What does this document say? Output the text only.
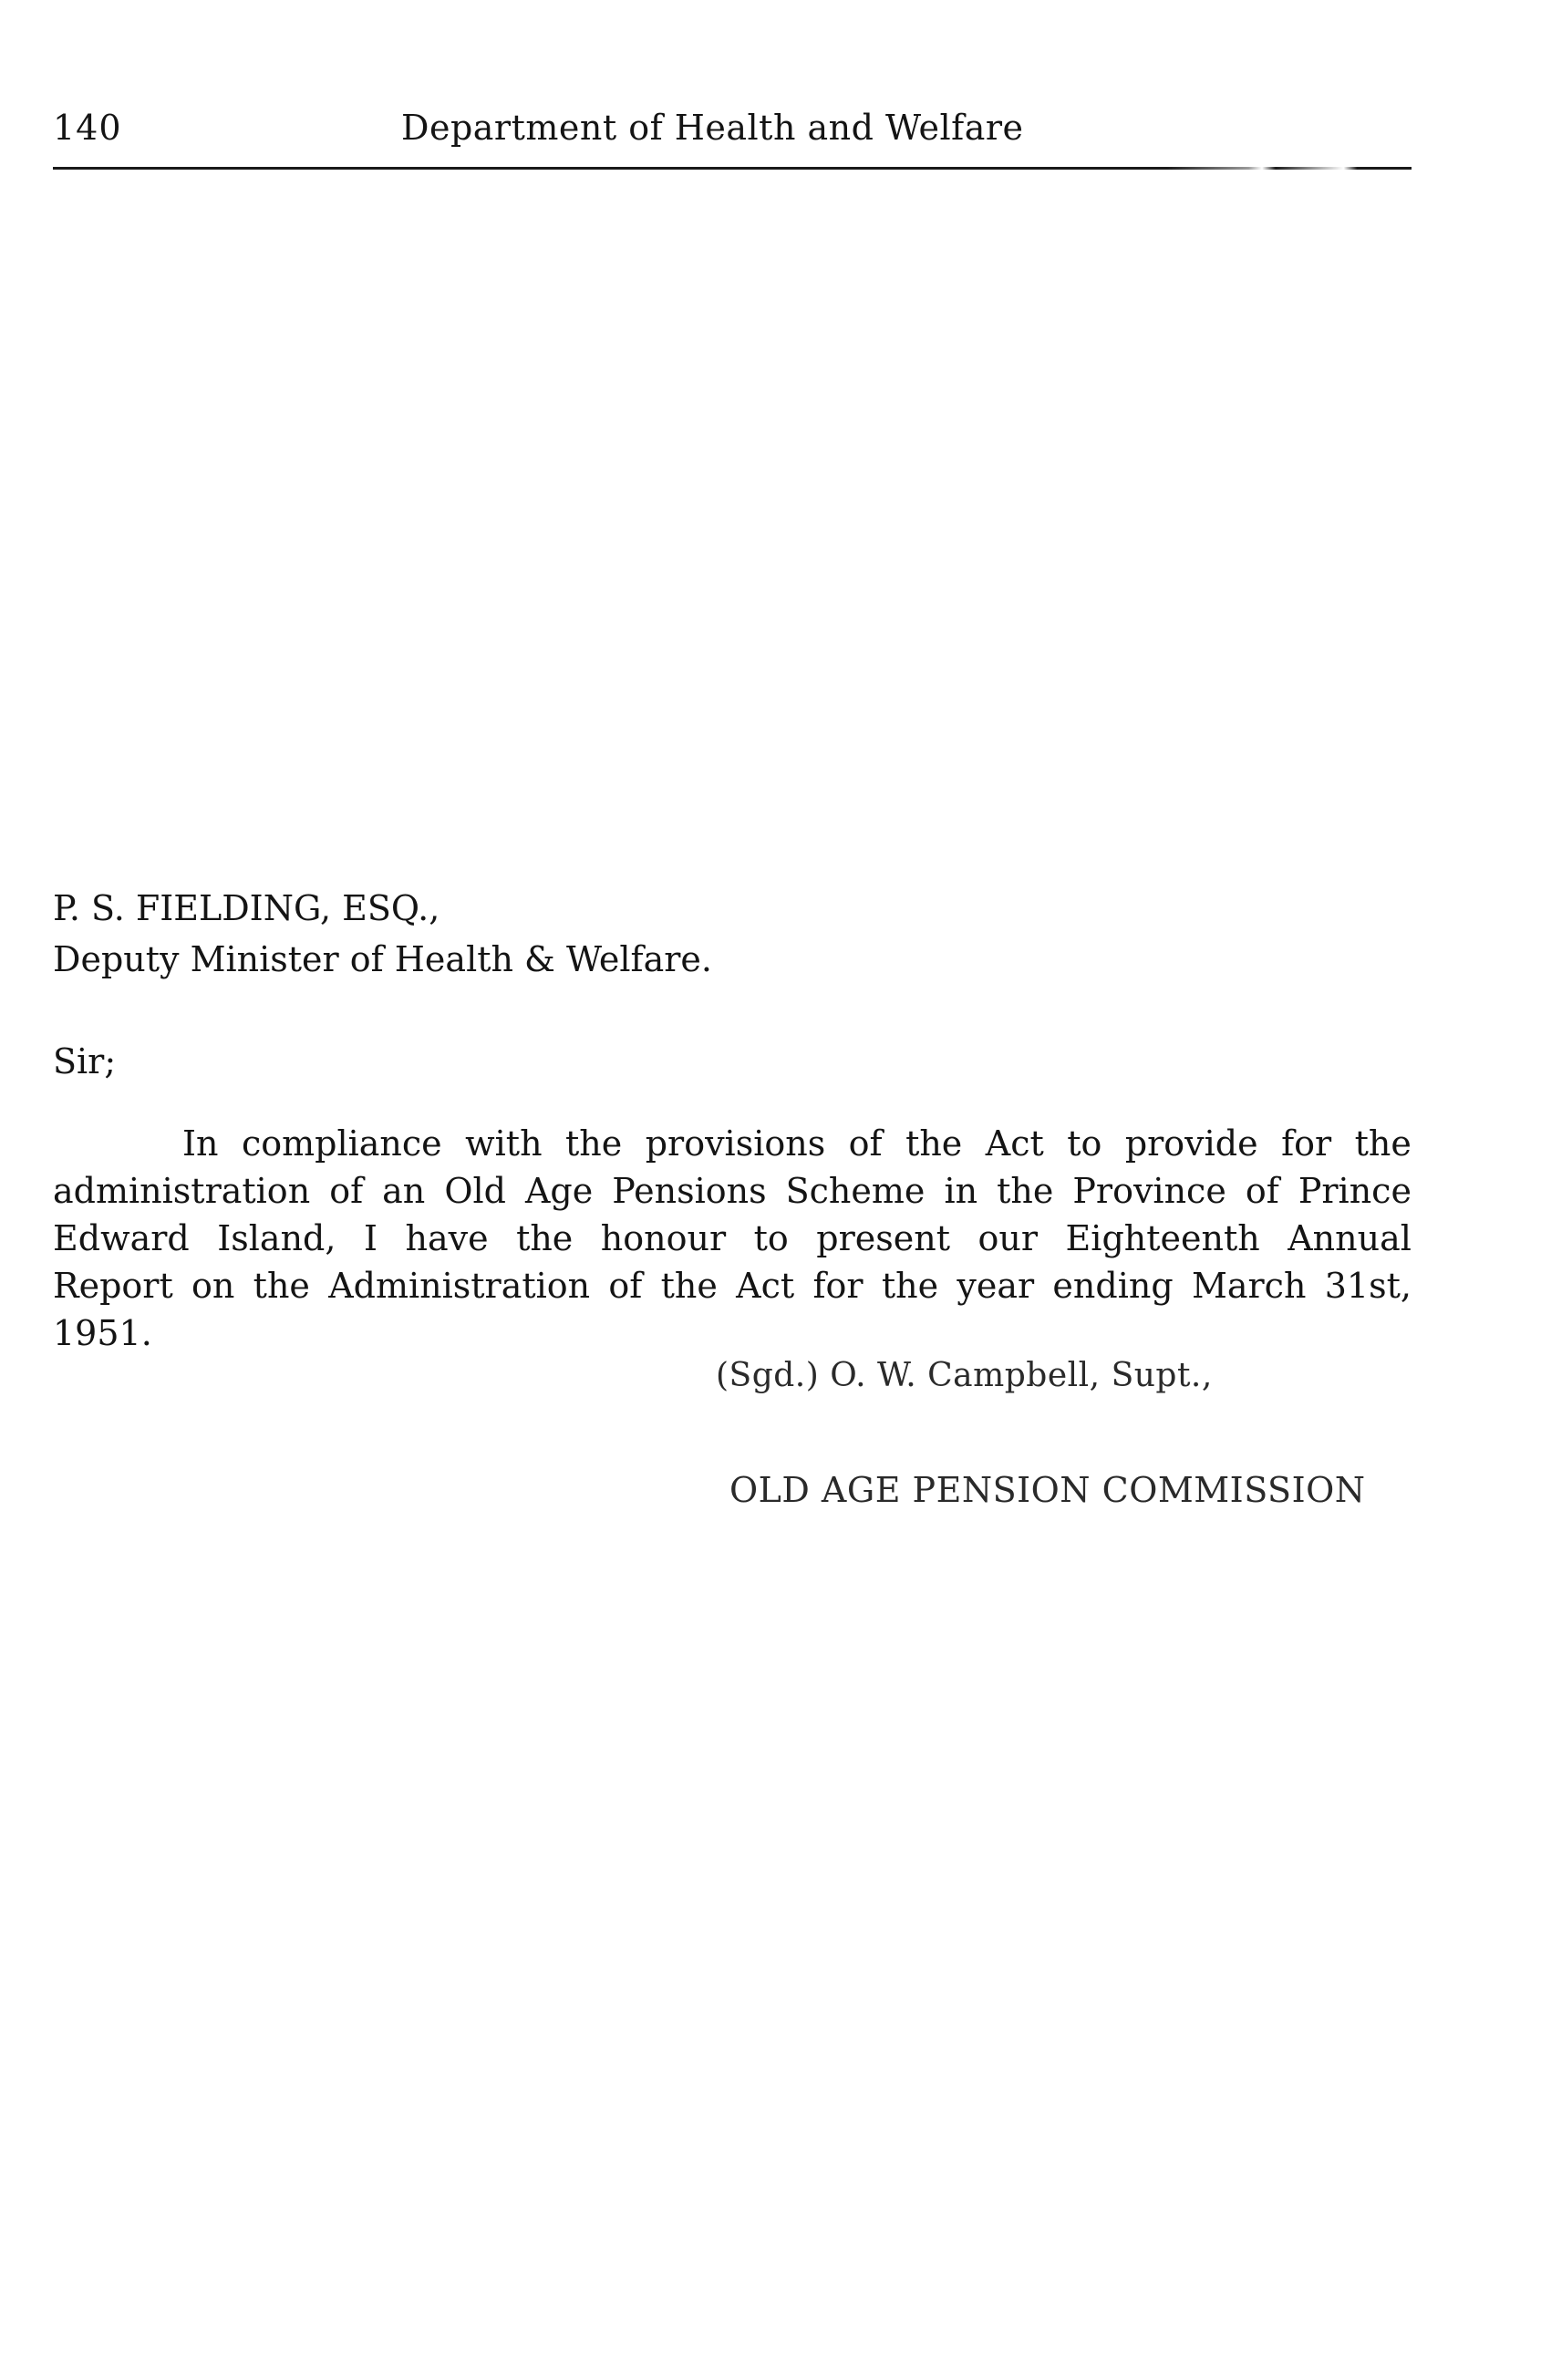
140	Department of Health and Welfare
P. S. FIELDING, ESQ.,
Deputy Minister of Health & Welfare.
Sir;
In compliance with the provisions of the Act to provide for the
administration of an Old Age Pensions Scheme in the Province of Prince
Edward Island, I have the honour to present our Eighteenth Annual
Report on the Administration of the Act for the year ending March 31st,
1951.
(Sgd.) O. W. Campbell, Supt.,
OLD AGE PENSION COMMISSION
